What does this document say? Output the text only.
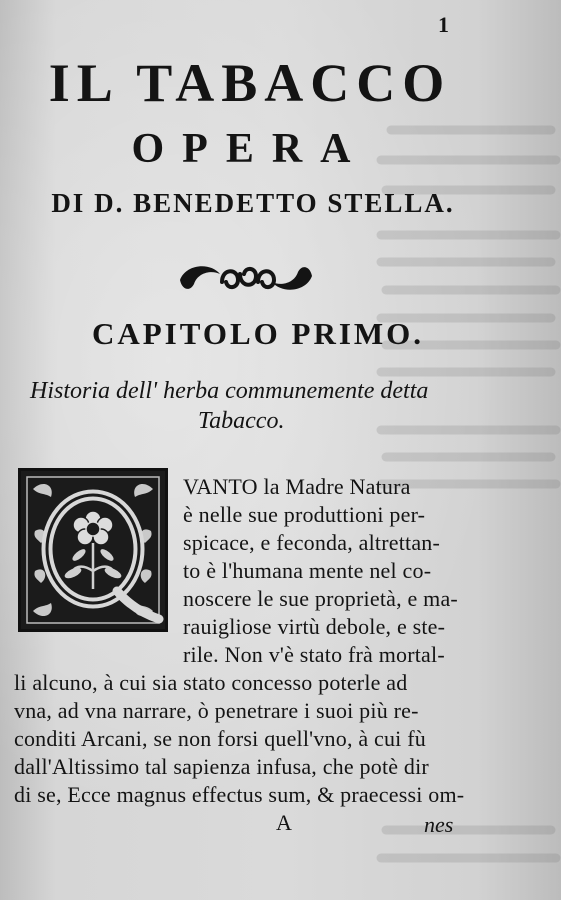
1
IL TABACCO
OPERA
DI D. BENEDETTO STELLA.
CAPITOLO PRIMO.
Historia dell' herba communemente detta
Tabacco.
VANTO la Madre Natura
è nelle sue produttioni per-
spicace, e feconda, altrettan-
to è l'humana mente nel co-
noscere le sue proprietà, e ma-
rauigliose virtù debole, e ste-
rile. Non v'è stato frà mortal-
li alcuno, à cui sia stato concesso poterle ad
vna, ad vna narrare, ò penetrare i suoi più re-
conditi Arcani, se non forsi quell'vno, à cui fù
dall'Altissimo tal sapienza infusa, che potè dir
di se, Ecce magnus effectus sum, & praecessi om-
A	nes
